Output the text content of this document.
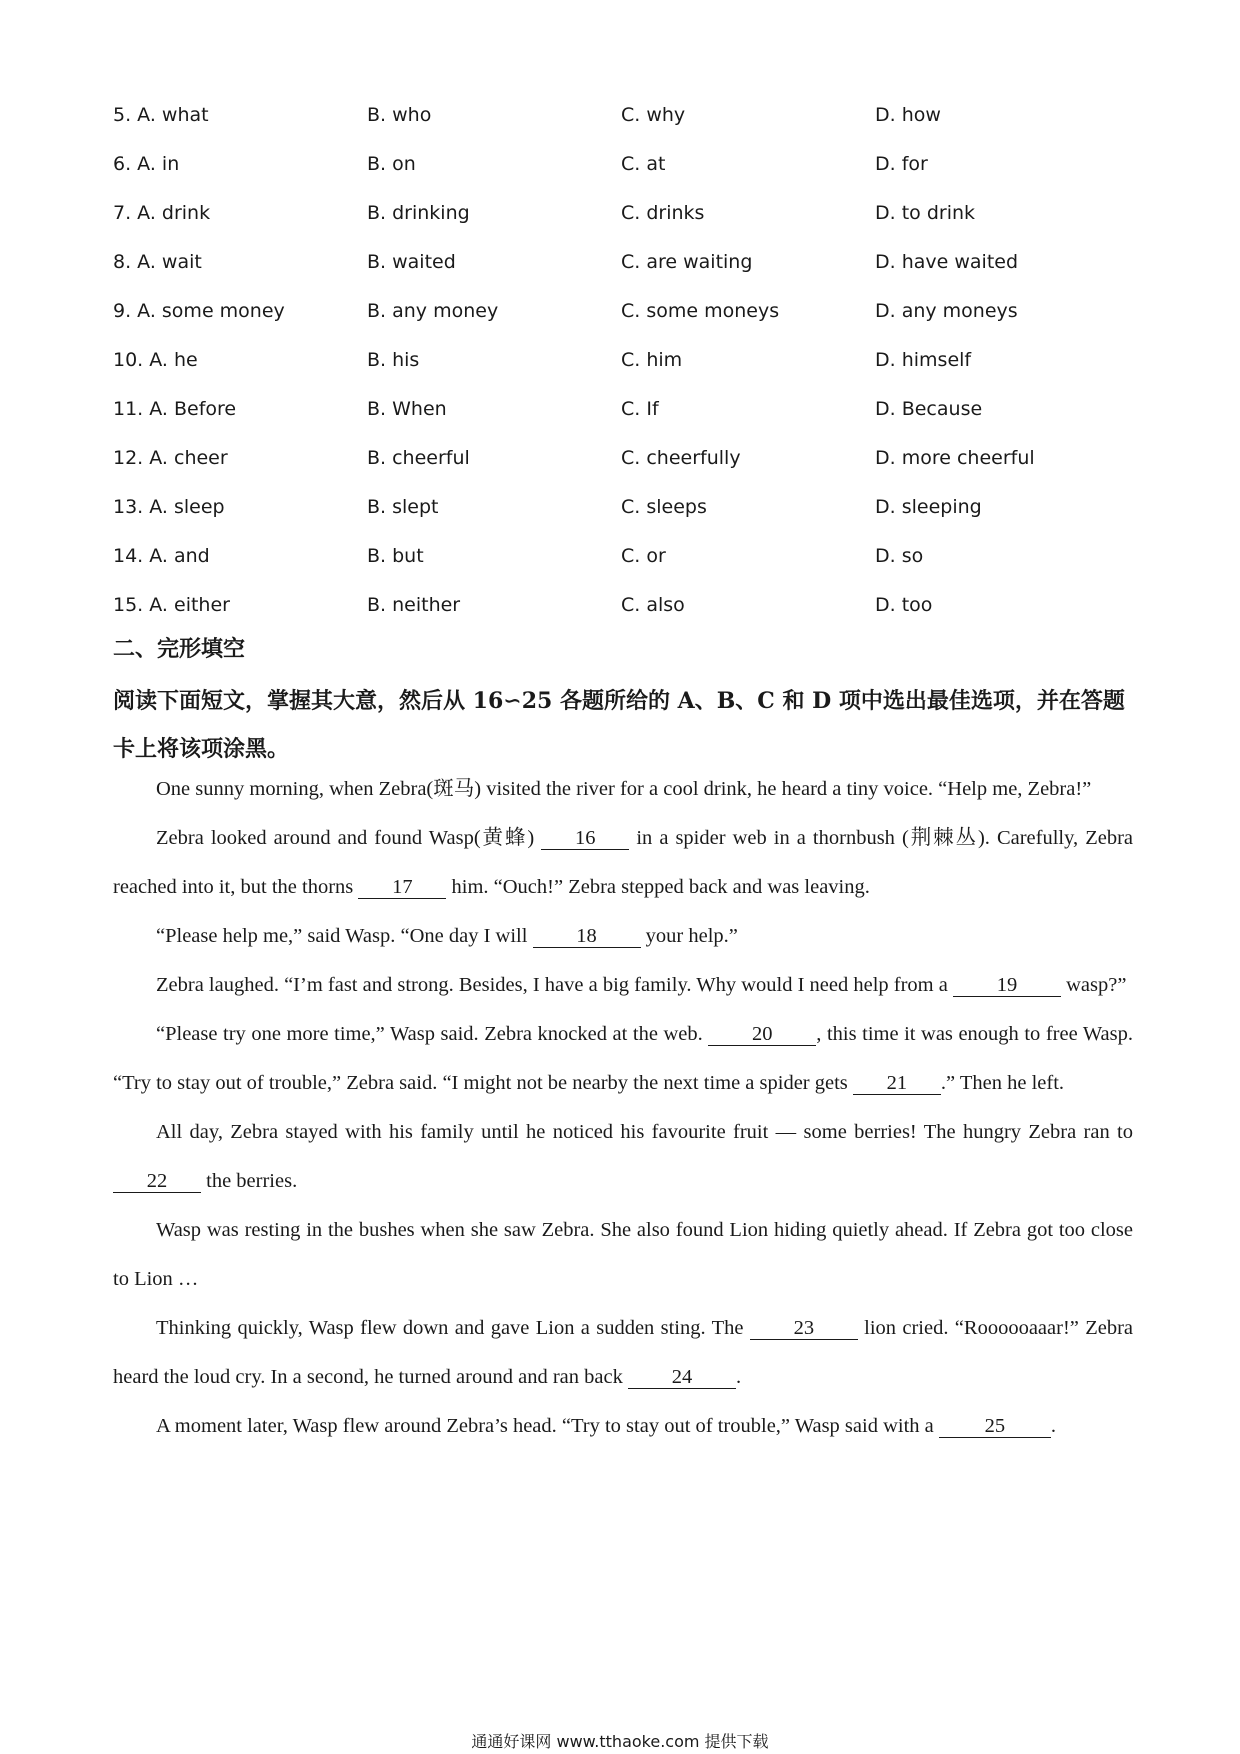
5. A. what	B. who	C. why	D. how
6. A. in	B. on	C. at	D. for
7. A. drink	B. drinking	C. drinks	D. to drink
8. A. wait	B. waited	C. are waiting	D. have waited
9. A. some money	B. any money	C. some moneys	D. any moneys
10. A. he	B. his	C. him	D. himself
11. A. Before	B. When	C. If	D. Because
12. A. cheer	B. cheerful	C. cheerfully	D. more cheerful
13. A. sleep	B. slept	C. sleeps	D. sleeping
14. A. and	B. but	C. or	D. so
15. A. either	B. neither	C. also	D. too
二、完形填空
阅读下面短文，掌握其大意，然后从 16∽25 各题所给的 A、B、C 和 D 项中选出最佳选项，并在答题卡上将该项涂黑。

One sunny morning, when Zebra(斑马) visited the river for a cool drink, he heard a tiny voice. “Help me, Zebra!”

Zebra looked around and found Wasp(黄蜂) 16 in a spider web in a thornbush (荆棘丛). Carefully, Zebra reached into it, but the thorns 17 him. “Ouch!” Zebra stepped back and was leaving.

“Please help me,” said Wasp. “One day I will 18 your help.”

Zebra laughed. “I’m fast and strong. Besides, I have a big family. Why would I need help from a 19 wasp?”

“Please try one more time,” Wasp said. Zebra knocked at the web. 20 , this time it was enough to free Wasp. “Try to stay out of trouble,” Zebra said. “I might not be nearby the next time a spider gets 21 .” Then he left.

All day, Zebra stayed with his family until he noticed his favourite fruit — some berries! The hungry Zebra ran to 22 the berries.

Wasp was resting in the bushes when she saw Zebra. She also found Lion hiding quietly ahead. If Zebra got too close to Lion …

Thinking quickly, Wasp flew down and gave Lion a sudden sting. The 23 lion cried. “Roooooaaar!” Zebra heard the loud cry. In a second, he turned around and ran back 24 .

A moment later, Wasp flew around Zebra’s head. “Try to stay out of trouble,” Wasp said with a 25 .

通通好课网 www.tthaoke.com 提供下载
